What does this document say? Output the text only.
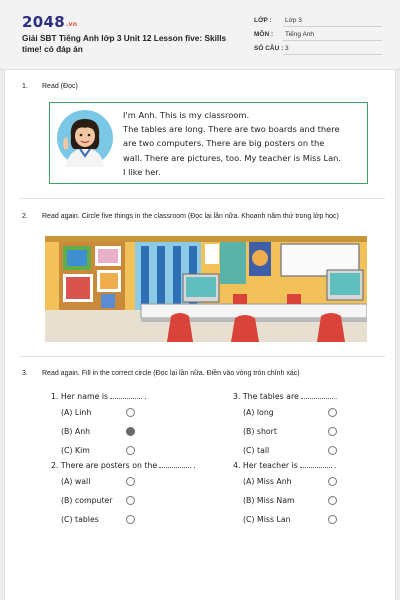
2048.vn
Giải SBT Tiếng Anh lớp 3 Unit 12 Lesson five: Skills time! có đáp án
LỚP : Lớp 3
MÔN : Tiếng Anh
SỐ CÂU : 3
1. Read (Đọc)
I'm Anh. This is my classroom.
The tables are long. There are two boards and there
are two computers. There are big posters on the
wall. There are pictures, too. My teacher is Miss Lan.
I like her.
2. Read again. Circle five things in the classroom (Đọc lại lần nữa. Khoanh năm thứ trong lớp học)
3. Read again. Fill in the correct circle (Đọc lại lần nữa. Điền vào vòng tròn chính xác)
1. Her name is	.
(A) Linh
(B) Anh
(C) Kim
2. There are posters on the	.
(A) wall
(B) computer
(C) tables
3. The tables are	.
(A) long
(B) short
(C) tall
4. Her teacher is	.
(A) Miss Anh
(B) Miss Nam
(C) Miss Lan
